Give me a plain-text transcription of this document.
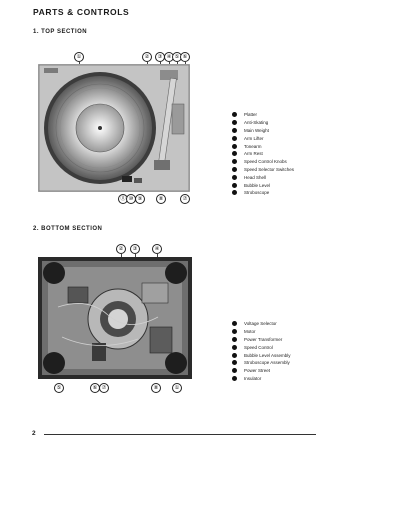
PARTS & CONTROLS
1. TOP SECTION
①	②	③ ④ ⑤ ⑥
⑪ ⑩ ⑨	⑧	⑦
Platter
Anti-Skating
Main Weight
Arm Lifter
Tonearm
Arm Rest
Speed Control Knobs
Speed Selector Switches
Head Shell
Bubble Level
Stroboscope
2. BOTTOM SECTION
②	③	④
⑤	⑥ ⑦	⑧	①
Voltage Selector
Motor
Power Transformer
Speed Control
Bubble Level Assembly
Stroboscope Assembly
Power Street
Insulator
2
